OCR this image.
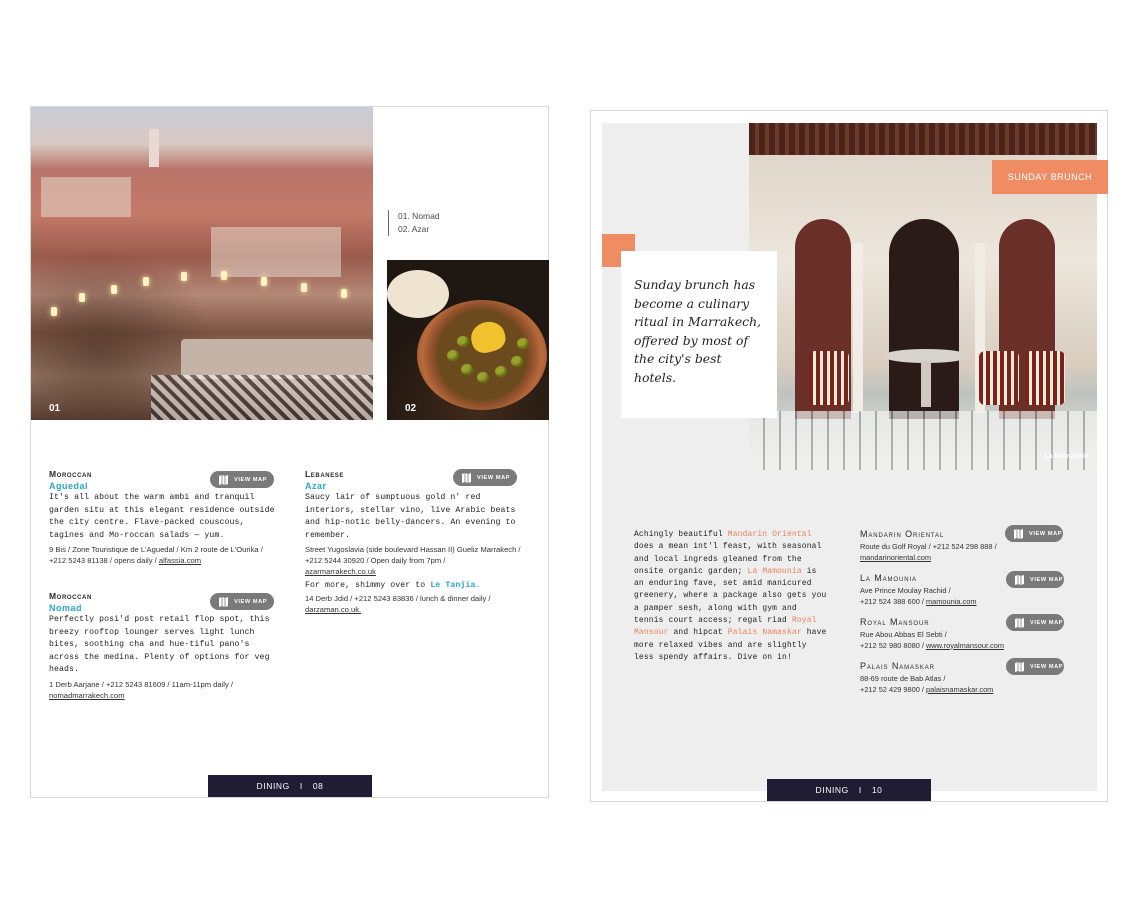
01
01. Nomad
02. Azar
02
Moroccan
Aguedal
It's all about the warm ambi and tranquil garden situ at this elegant residence outside the city centre. Flave-packed couscous, tagines and Mo-roccan salads — yum.
9 Bis / Zone Touristique de L'Aguedal / Km 2 route de L'Ourika / +212 5243 81138 / opens daily / alfassia.com
VIEW MAP
Moroccan
Nomad
Perfectly posi'd post retail flop spot, this breezy rooftop lounger serves light lunch bites, soothing cha and hue-tiful pano's across the medina. Plenty of options for veg heads.
1 Derb Aarjane / +212 5243 81609 / 11am-11pm daily / nomadmarrakech.com
VIEW MAP
Lebanese
Azar
Saucy lair of sumptuous gold n' red interiors, stellar vino, live Arabic beats and hip-notic belly-dancers. An evening to remember.
Street Yugoslavia (side boulevard Hassan II) Gueliz Marrakech / +212 5244 30920 / Open daily from 7pm /
azarmarrakech.co.uk
For more, shimmy over to Le Tanjia.
14 Derb Jdid / +212 5243 83836 / lunch & dinner daily /
darzaman.co.uk.
VIEW MAP
DINING I 08
La Mamounia
SUNDAY BRUNCH

Sunday brunch has become a culinary ritual in Marrakech, offered by most of the city's best hotels.

Achingly beautiful Mandarin Oriental does a mean int'l feast, with seasonal and local ingreds gleaned from the onsite organic garden; La Mamounia is an enduring fave, set amid manicured greenery, where a package also gets you a pamper sesh, along with gym and tennis court access; regal riad Royal Mansour and hipcat Palais Namaskar have more relaxed vibes and are slightly less spendy affairs. Dive on in!
Mandarin Oriental
Route du Golf Royal / +212 524 298 888 /
mandarinoriental.com
VIEW MAP
La Mamounia
Ave Prince Moulay Rachid /
+212 524 388 600 / mamounia.com
VIEW MAP
Royal Mansour
Rue Abou Abbas El Sebti /
+212 52 980 8080 / www.royalmansour.com
VIEW MAP
Palais Namaskar
88-69 route de Bab Atlas /
+212 52 429 9800 / palaisnamaskar.com
VIEW MAP
DINING I 10
